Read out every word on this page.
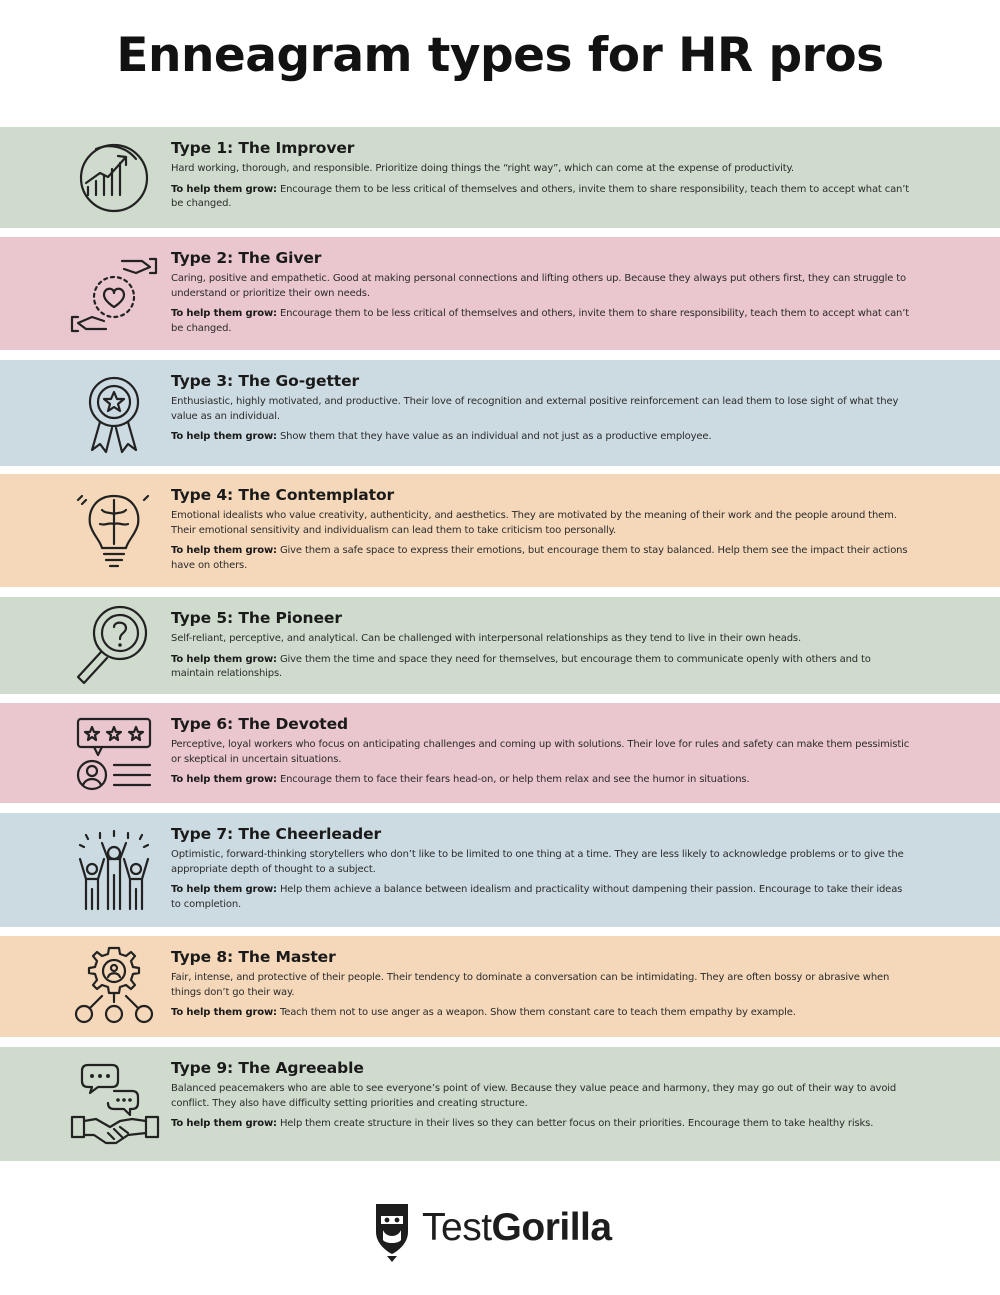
Enneagram types for HR pros
Type 1: The Improver

Hard working, thorough, and responsible. Prioritize doing things the “right way”, which can come at the expense of productivity.

To help them grow: Encourage them to be less critical of themselves and others, invite them to share responsibility, teach them to accept what can’t be changed.

Type 2: The Giver

Caring, positive and empathetic. Good at making personal connections and lifting others up. Because they always put others first, they can struggle to understand or prioritize their own needs.

To help them grow: Encourage them to be less critical of themselves and others, invite them to share responsibility, teach them to accept what can’t be changed.

Type 3: The Go-getter

Enthusiastic, highly motivated, and productive. Their love of recognition and external positive reinforcement can lead them to lose sight of what they value as an individual.

To help them grow: Show them that they have value as an individual and not just as a productive employee.

Type 4: The Contemplator

Emotional idealists who value creativity, authenticity, and aesthetics. They are motivated by the meaning of their work and the people around them. Their emotional sensitivity and individualism can lead them to take criticism too personally.

To help them grow: Give them a safe space to express their emotions, but encourage them to stay balanced. Help them see the impact their actions have on others.

Type 5: The Pioneer

Self-reliant, perceptive, and analytical. Can be challenged with interpersonal relationships as they tend to live in their own heads.

To help them grow: Give them the time and space they need for themselves, but encourage them to communicate openly with others and to maintain relationships.

Type 6: The Devoted

Perceptive, loyal workers who focus on anticipating challenges and coming up with solutions. Their love for rules and safety can make them pessimistic or skeptical in uncertain situations.

To help them grow: Encourage them to face their fears head-on, or help them relax and see the humor in situations.

Type 7: The Cheerleader

Optimistic, forward-thinking storytellers who don’t like to be limited to one thing at a time. They are less likely to acknowledge problems or to give the appropriate depth of thought to a subject.

To help them grow: Help them achieve a balance between idealism and practicality without dampening their passion. Encourage to take their ideas to completion.

Type 8: The Master

Fair, intense, and protective of their people. Their tendency to dominate a conversation can be intimidating. They are often bossy or abrasive when things don’t go their way.

To help them grow: Teach them not to use anger as a weapon. Show them constant care to teach them empathy by example.

Type 9: The Agreeable

Balanced peacemakers who are able to see everyone’s point of view. Because they value peace and harmony, they may go out of their way to avoid conflict. They also have difficulty setting priorities and creating structure.

To help them grow: Help them create structure in their lives so they can better focus on their priorities. Encourage them to take healthy risks.

TestGorilla
